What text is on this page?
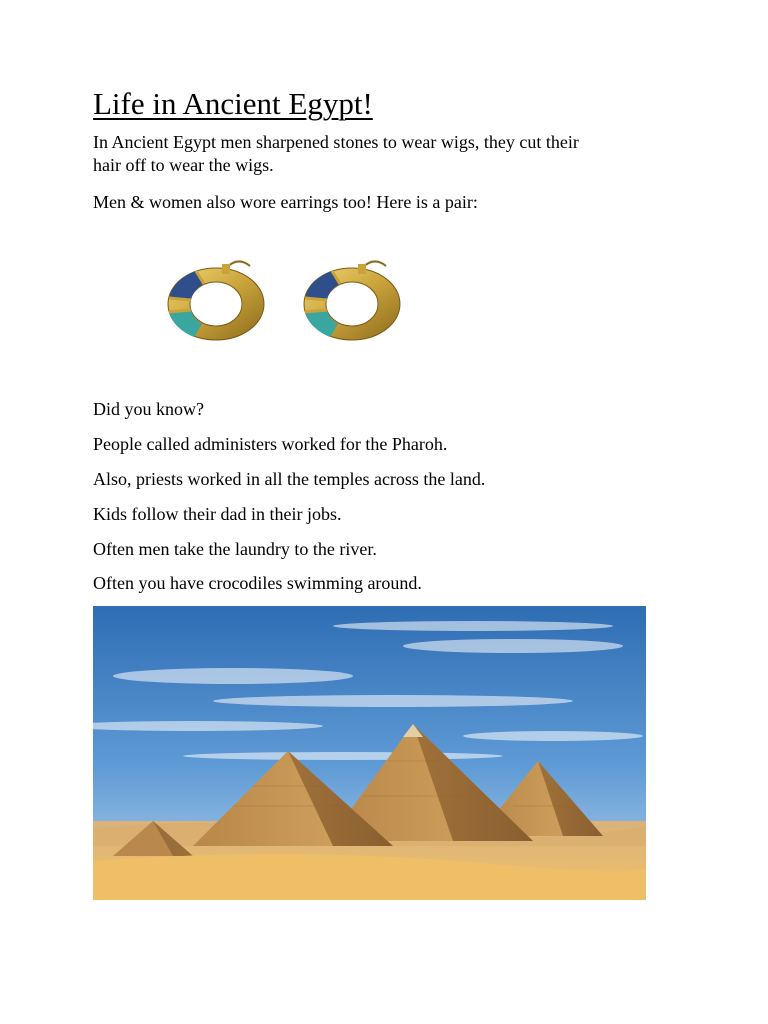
Life in Ancient Egypt!

In Ancient Egypt men sharpened stones to wear wigs, they cut their

hair off to wear the wigs.

Men & women also wore earrings too! Here is a pair:

Did you know?

People called administers worked for the Pharoh.

Also, priests worked in all the temples across the land.

Kids follow their dad in their jobs.

Often men take the laundry to the river.

Often you have crocodiles swimming around.
